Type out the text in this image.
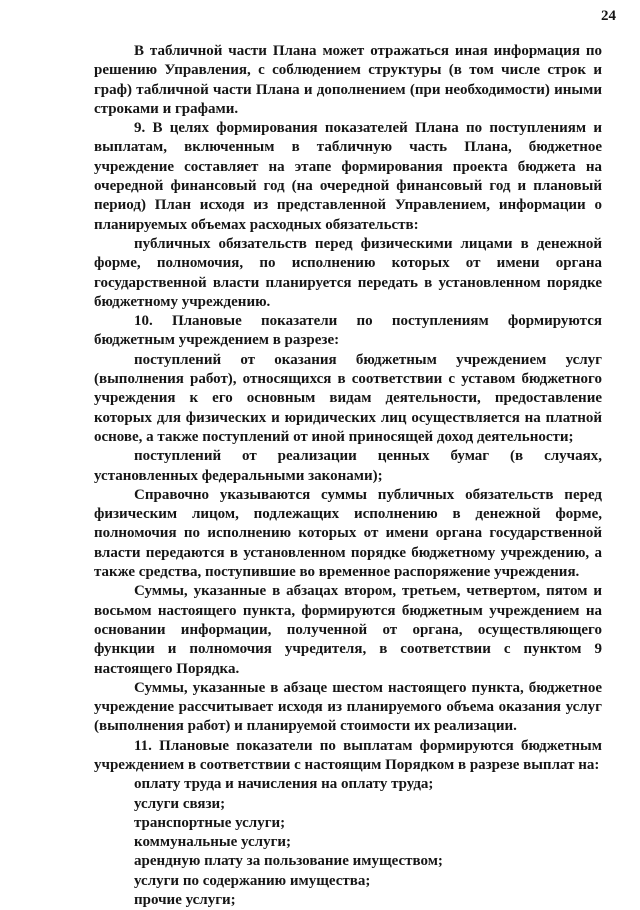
24

В табличной части Плана может отражаться иная информация по решению Управления, с соблюдением структуры (в том числе строк и граф) табличной части Плана и дополнением (при необходимости) иными строками и графами.

9. В целях формирования показателей Плана по поступлениям и выплатам, включенным в табличную часть Плана, бюджетное учреждение составляет на этапе формирования проекта бюджета на очередной финансовый год (на очередной финансовый год и плановый период) План исходя из представленной Управлением, информации о планируемых объемах расходных обязательств:

публичных обязательств перед физическими лицами в денежной форме, полномочия, по исполнению которых от имени органа государственной власти планируется передать в установленном порядке бюджетному учреждению.

10. Плановые показатели по поступлениям формируются бюджетным учреждением в разрезе:

поступлений от оказания бюджетным учреждением услуг (выполнения работ), относящихся в соответствии с уставом бюджетного учреждения к его основным видам деятельности, предоставление которых для физических и юридических лиц осуществляется на платной основе, а также поступлений от иной приносящей доход деятельности;

поступлений от реализации ценных бумаг (в случаях, установленных федеральными законами);

Справочно указываются суммы публичных обязательств перед физическим лицом, подлежащих исполнению в денежной форме, полномочия по исполнению которых от имени органа государственной власти передаются в установленном порядке бюджетному учреждению, а также средства, поступившие во временное распоряжение учреждения.

Суммы, указанные в абзацах втором, третьем, четвертом, пятом и восьмом настоящего пункта, формируются бюджетным учреждением на основании информации, полученной от органа, осуществляющего функции и полномочия учредителя, в соответствии с пунктом 9 настоящего Порядка.

Суммы, указанные в абзаце шестом настоящего пункта, бюджетное учреждение рассчитывает исходя из планируемого объема оказания услуг (выполнения работ) и планируемой стоимости их реализации.

11. Плановые показатели по выплатам формируются бюджетным учреждением в соответствии с настоящим Порядком в разрезе выплат на:

оплату труда и начисления на оплату труда;

услуги связи;

транспортные услуги;

коммунальные услуги;

арендную плату за пользование имуществом;

услуги по содержанию имущества;

прочие услуги;
